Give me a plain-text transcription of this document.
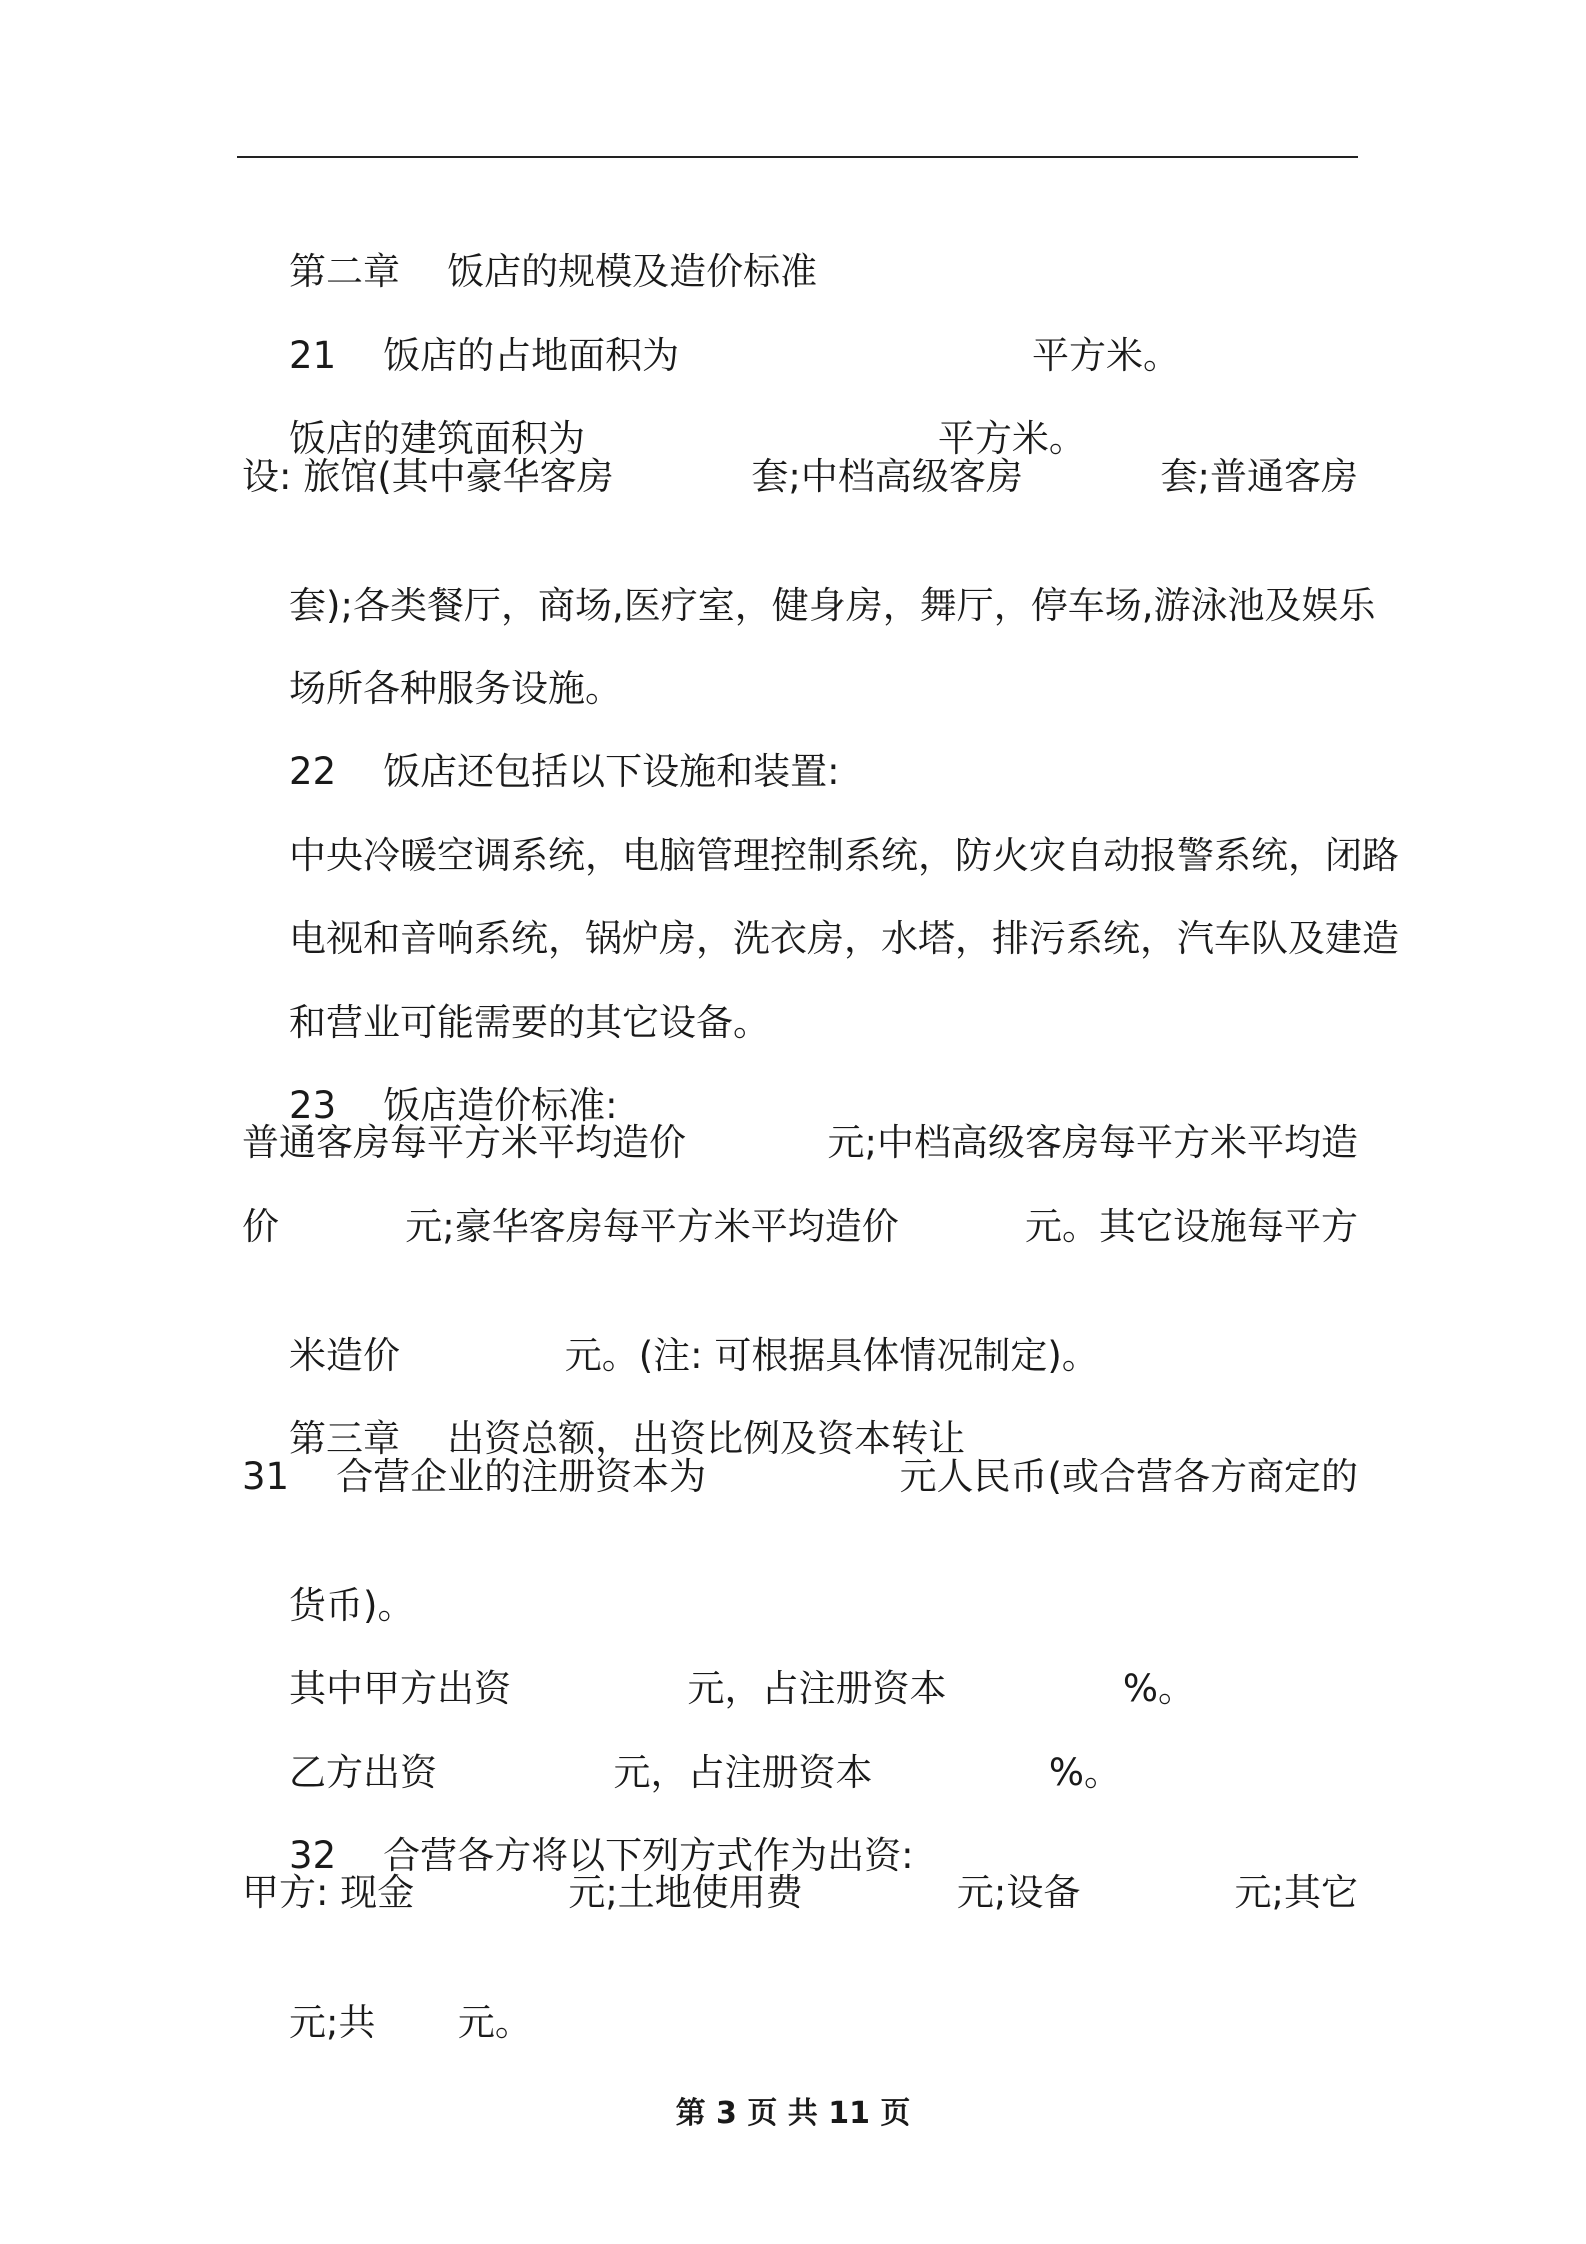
第二章    饭店的规模及造价标准

21    饭店的占地面积为                              平方米。

饭店的建筑面积为                              平方米。

设: 旅馆(其中豪华客房	套;中档高级客房	套;普通客房

套);各类餐厅，商场,医疗室，健身房，舞厅，停车场,游泳池及娱乐

场所各种服务设施。

22    饭店还包括以下设施和装置:

中央冷暖空调系统，电脑管理控制系统，防火灾自动报警系统，闭路

电视和音响系统，锅炉房，洗衣房，水塔，排污系统，汽车队及建造

和营业可能需要的其它设备。

23    饭店造价标准:

普通客房每平方米平均造价	元;中档高级客房每平方米平均造
价	元;豪华客房每平方米平均造价	元。其它设施每平方

米造价              元。(注: 可根据具体情况制定)。

第三章    出资总额，出资比例及资本转让

31    合营企业的注册资本为	元人民币(或合营各方商定的

货币)。

其中甲方出资               元，占注册资本               %。

乙方出资               元，占注册资本               %。

32    合营各方将以下列方式作为出资:

甲方: 现金	元;土地使用费	元;设备	元;其它

元;共       元。

第 3 页 共 11 页
